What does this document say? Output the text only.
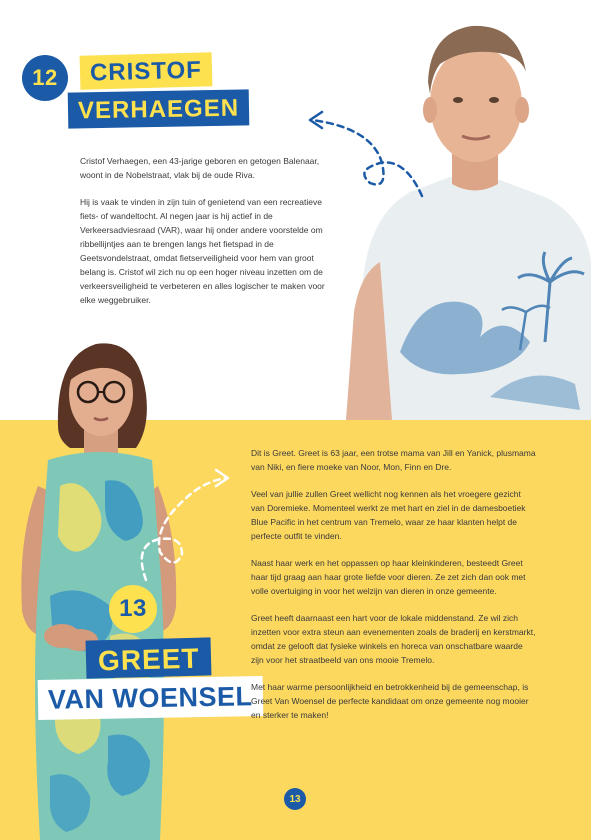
12	CRISTOF
VERHAEGEN

Cristof Verhaegen, een 43-jarige geboren en getogen Balenaar, woont in de Nobelstraat, vlak bij de oude Riva.

Hij is vaak te vinden in zijn tuin of genietend van een recreatieve fiets- of wandeltocht. Al negen jaar is hij actief in de Verkeersadviesraad (VAR), waar hij onder andere voorstelde om ribbellijntjes aan te brengen langs het fietspad in de Geetsvondelstraat, omdat fietserveiligheid voor hem van groot belang is. Cristof wil zich nu op een hoger niveau inzetten om de verkeersveiligheid te verbeteren en alles logischer te maken voor elke weggebruiker.

13
GREET
VAN WOENSEL

Dit is Greet. Greet is 63 jaar, een trotse mama van Jill en Yanick, plusmama van Niki, en fiere moeke van Noor, Mon, Finn en Dre.

Veel van jullie zullen Greet wellicht nog kennen als het vroegere gezicht van Doremieke. Momenteel werkt ze met hart en ziel in de damesboetiek Blue Pacific in het centrum van Tremelo, waar ze haar klanten helpt de perfecte outfit te vinden.

Naast haar werk en het oppassen op haar kleinkinderen, besteedt Greet haar tijd graag aan haar grote liefde voor dieren. Ze zet zich dan ook met volle overtuiging in voor het welzijn van dieren in onze gemeente.

Greet heeft daarnaast een hart voor de lokale middenstand. Ze wil zich inzetten voor extra steun aan evenementen zoals de braderij en kerstmarkt, omdat ze gelooft dat fysieke winkels en horeca van onschatbare waarde zijn voor het straatbeeld van ons mooie Tremelo.

Met haar warme persoonlijkheid en betrokkenheid bij de gemeenschap, is Greet Van Woensel de perfecte kandidaat om onze gemeente nog mooier en sterker te maken!

13
